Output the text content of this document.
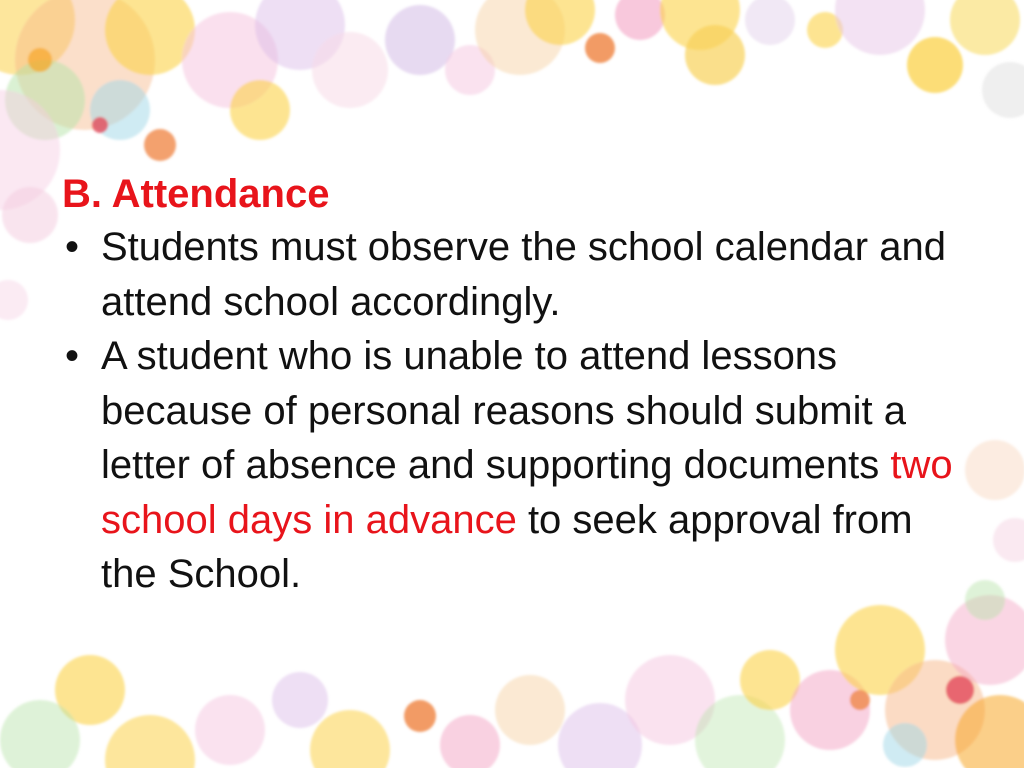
B. Attendance
• Students must observe the school calendar and attend school accordingly.
• A student who is unable to attend lessons because of personal reasons should submit a letter of absence and supporting documents two school days in advance to seek approval from the School.
